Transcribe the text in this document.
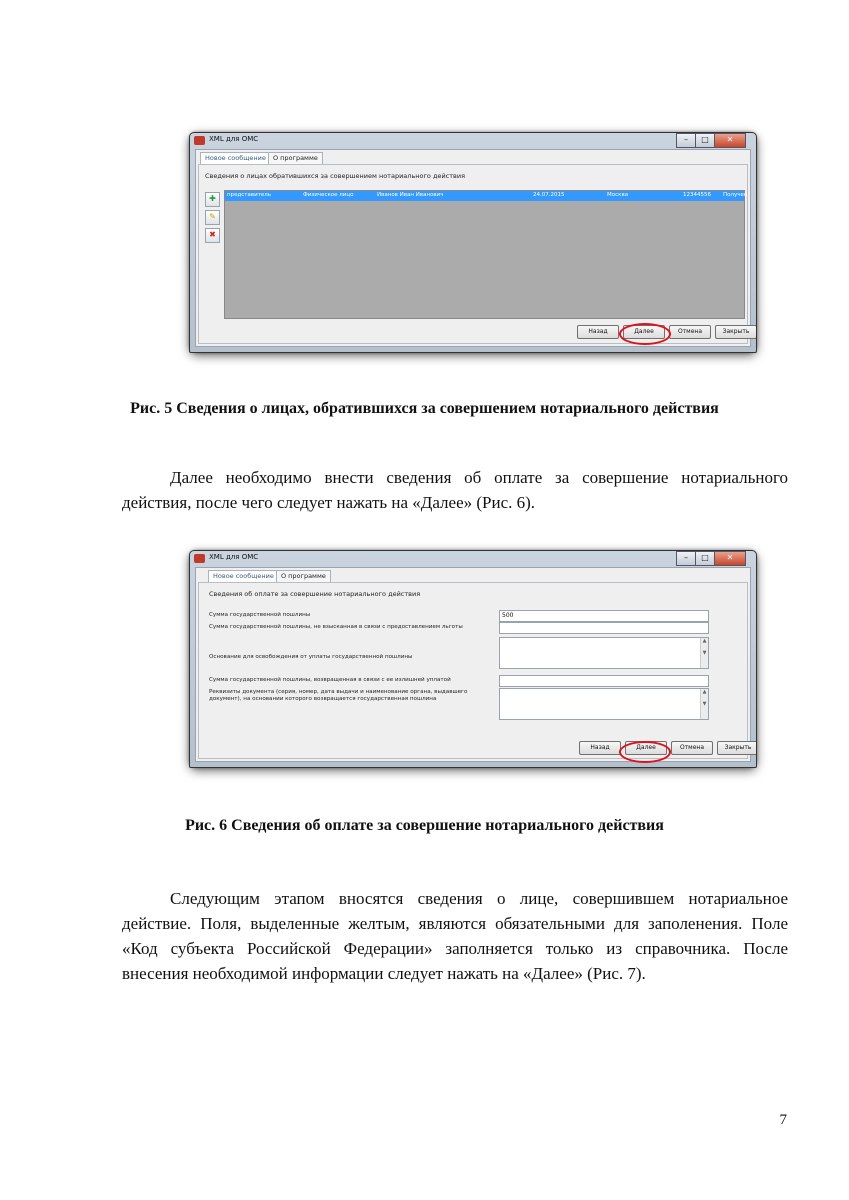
XML для ОМС	–	□	✕
Новое сообщение	О программе
Сведения о лицах обратившихся за совершением нотариального действия
✚
✎
✖
представитель	Физическое лицо	Иванов Иван Иванович	24.07.2015	Москва	12344556 Получен
Назад	Далее	Отмена	Закрыть
Рис. 5 Сведения о лицах, обратившихся за совершением нотариального действия

Далее необходимо внести сведения об оплате за совершение нотариального действия, после чего следует нажать на «Далее» (Рис. 6).

XML для ОМС	–	□	✕
Новое сообщение	О программе
Сведения об оплате за совершение нотариального действия
Сумма государственной пошлины	500
Сумма государственной пошлины, не взысканная в связи с предоставлением льготы
Основание для освобождения от уплаты государственной пошлины
▲

▼
Сумма государственной пошлины, возвращенная в связи с ее излишней уплатой
Реквизиты документа (серия, номер, дата выдачи и наименование органа, выдавшего документ), на основании которого возвращается государственная пошлина
▲

▼
Назад	Далее	Отмена	Закрыть
Рис. 6 Сведения об оплате за совершение нотариального действия

Следующим этапом вносятся сведения о лице, совершившем нотариальное действие. Поля, выделенные желтым, являются обязательными для заполенения. Поле «Код субъекта Российской Федерации» заполняется только из справочника. После внесения необходимой информации следует нажать на «Далее» (Рис. 7).

7
